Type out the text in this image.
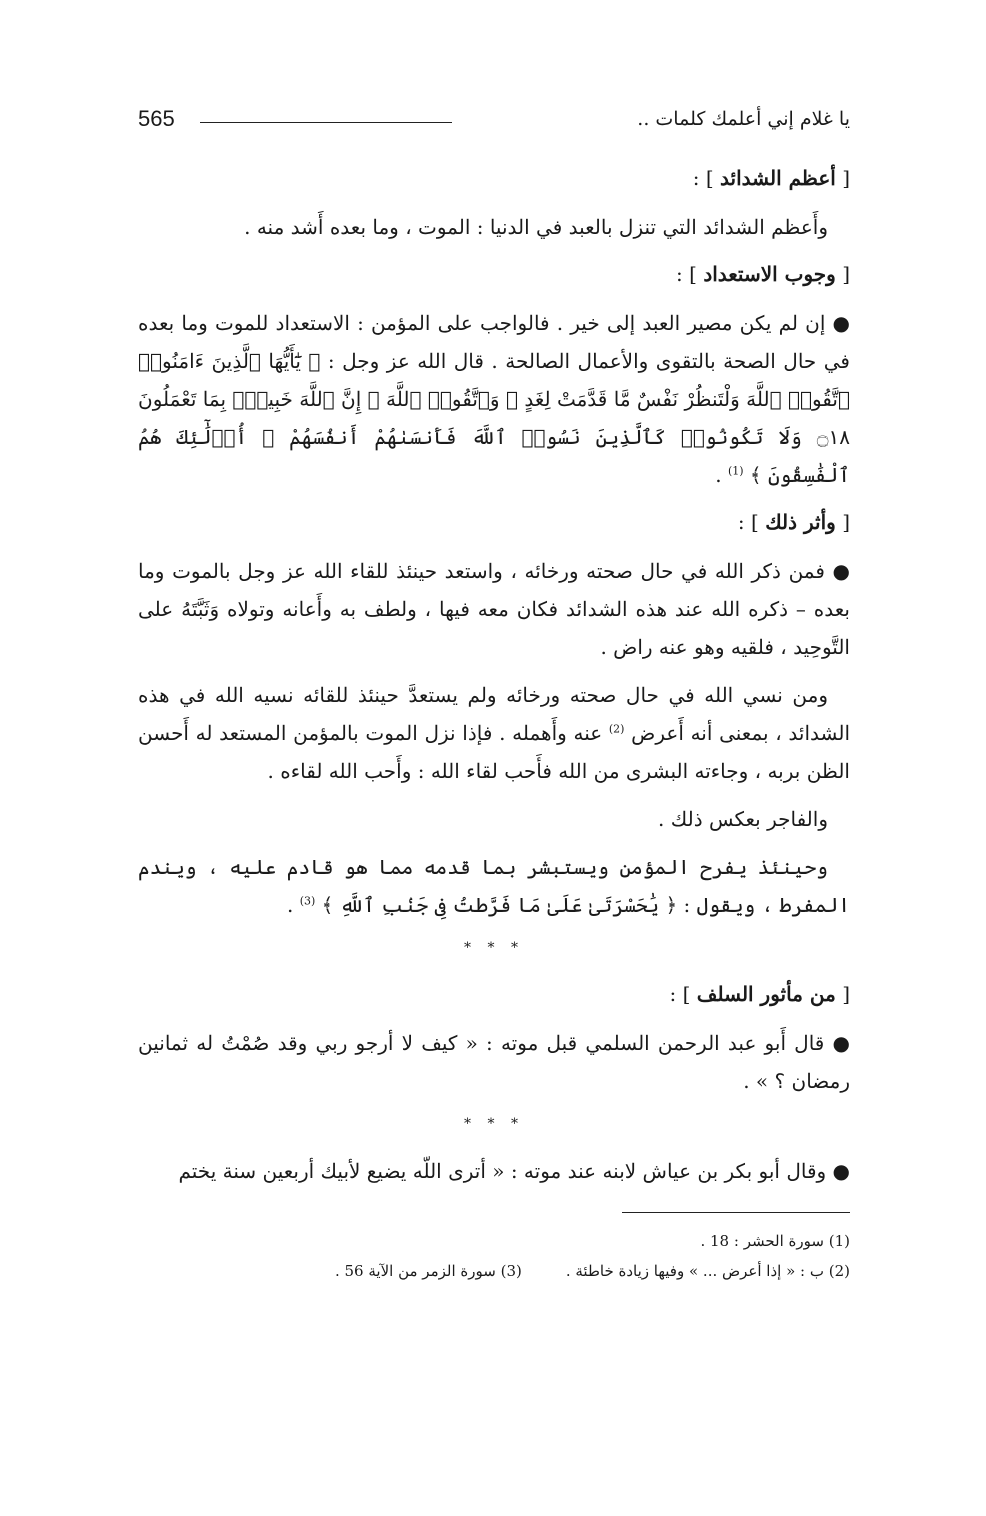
565	يا غلام إني أعلمك كلمات ..
[ أعظم الشدائد ] :

وأَعظم الشدائد التي تنزل بالعبد في الدنيا : الموت ، وما بعده أَشد منه .

[ وجوب الاستعداد ] :

● إن لم يكن مصير العبد إلى خير . فالواجب على المؤمن : الاستعداد للموت وما بعده في حال الصحة بالتقوى والأعمال الصالحة . قال الله عز وجل : ﴿ يَٰٓأَيُّهَا ٱلَّذِينَ ءَامَنُوا۟ ٱتَّقُوا۟ ٱللَّهَ وَلْتَنظُرْ نَفْسٌ مَّا قَدَّمَتْ لِغَدٍ ۖ وَٱتَّقُوا۟ ٱللَّهَ ۚ إِنَّ ٱللَّهَ خَبِيرٌۢ بِمَا تَعْمَلُونَ ۝١٨ وَلَا تَكُونُوا۟ كَٱلَّذِينَ نَسُوا۟ ٱللَّهَ فَأَنسَىٰهُمْ أَنفُسَهُمْ ۚ أُو۟لَٰٓئِكَ هُمُ ٱلْفَٰسِقُونَ ﴾ $^{(1)}$ .

[ وأثر ذلك ] :

● فمن ذكر الله في حال صحته ورخائه ، واستعد حينئذ للقاء الله عز وجل بالموت وما بعده – ذكره الله عند هذه الشدائد فكان معه فيها ، ولطف به وأَعانه وتولاه وَثَبَّتَهُ على التَّوحِيد ، فلقيه وهو عنه راض .

ومن نسي الله في حال صحته ورخائه ولم يستعدَّ حينئذ للقائه نسيه الله في هذه الشدائد ، بمعنى أنه أَعرض $^{(2)}$ عنه وأَهمله . فإذا نزل الموت بالمؤمن المستعد له أَحسن الظن بربه ، وجاءته البشرى من الله فأَحب لقاء الله : وأَحب الله لقاءه .

والفاجر بعكس ذلك .

وحينئذ يفرح المؤمن ويستبشر بما قدمه مما هو قادم عليه ، ويندم المفرط ، ويقول : ﴿ يَٰحَسْرَتَىٰ عَلَىٰ مَا فَرَّطتُ فِى جَنۢبِ ٱللَّهِ ﴾ $^{(3)}$ .

* * *
[ من مأثور السلف ] :

● قال أَبو عبد الرحمن السلمي قبل موته : « كيف لا أرجو ربي وقد صُمْتُ له ثمانين رمضان ؟ » .

* * *

● وقال أبو بكر بن عياش لابنه عند موته : « أترى اللّه يضيع لأبيك أربعين سنة يختم

(1) سورة الحشر : 18 .
(2) ب : « إذا أعرض ... » وفيها زيادة خاطئة .(3) سورة الزمر من الآية 56 .
